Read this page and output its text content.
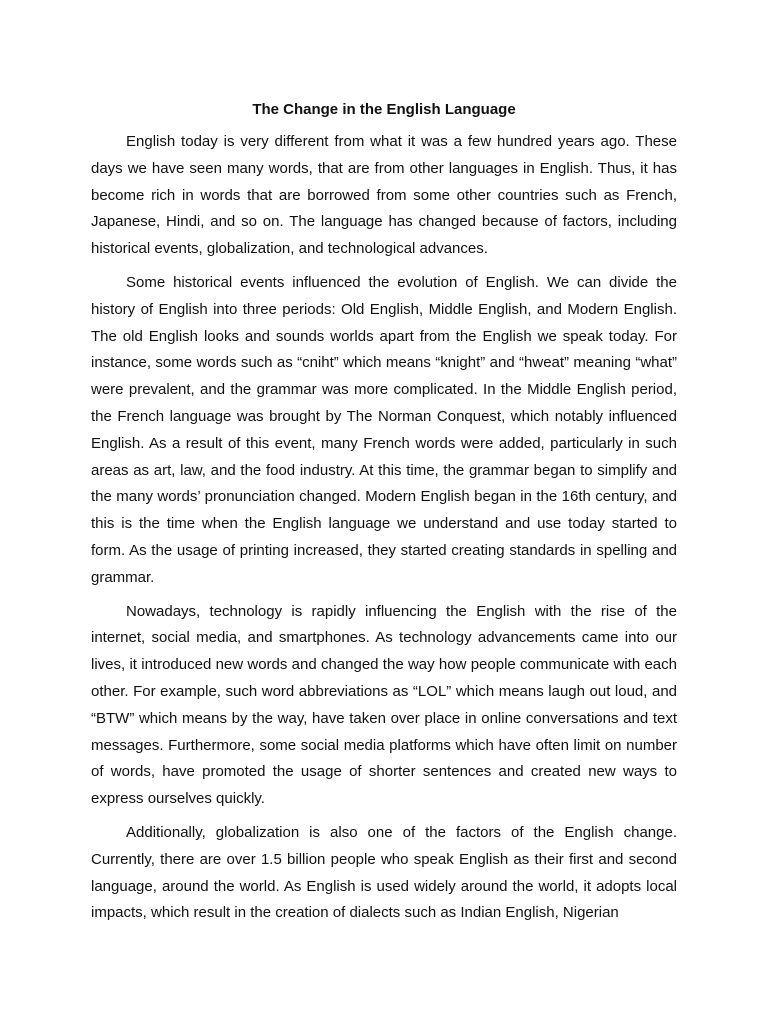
The Change in the English Language

English today is very different from what it was a few hundred years ago. These days we have seen many words, that are from other languages in English. Thus, it has become rich in words that are borrowed from some other countries such as French, Japanese, Hindi, and so on. The language has changed because of factors, including historical events, globalization, and technological advances.

Some historical events influenced the evolution of English. We can divide the history of English into three periods: Old English, Middle English, and Modern English. The old English looks and sounds worlds apart from the English we speak today. For instance, some words such as “cniht” which means “knight” and “hweat” meaning “what” were prevalent, and the grammar was more complicated. In the Middle English period, the French language was brought by The Norman Conquest, which notably influenced English. As a result of this event, many French words were added, particularly in such areas as art, law, and the food industry. At this time, the grammar began to simplify and the many words’ pronunciation changed. Modern English began in the 16th century, and this is the time when the English language we understand and use today started to form. As the usage of printing increased, they started creating standards in spelling and grammar.

Nowadays, technology is rapidly influencing the English with the rise of the internet, social media, and smartphones. As technology advancements came into our lives, it introduced new words and changed the way how people communicate with each other. For example, such word abbreviations as “LOL” which means laugh out loud, and “BTW” which means by the way, have taken over place in online conversations and text messages. Furthermore, some social media platforms which have often limit on number of words, have promoted the usage of shorter sentences and created new ways to express ourselves quickly.

Additionally, globalization is also one of the factors of the English change. Currently, there are over 1.5 billion people who speak English as their first and second language, around the world. As English is used widely around the world, it adopts local impacts, which result in the creation of dialects such as Indian English, Nigerian
